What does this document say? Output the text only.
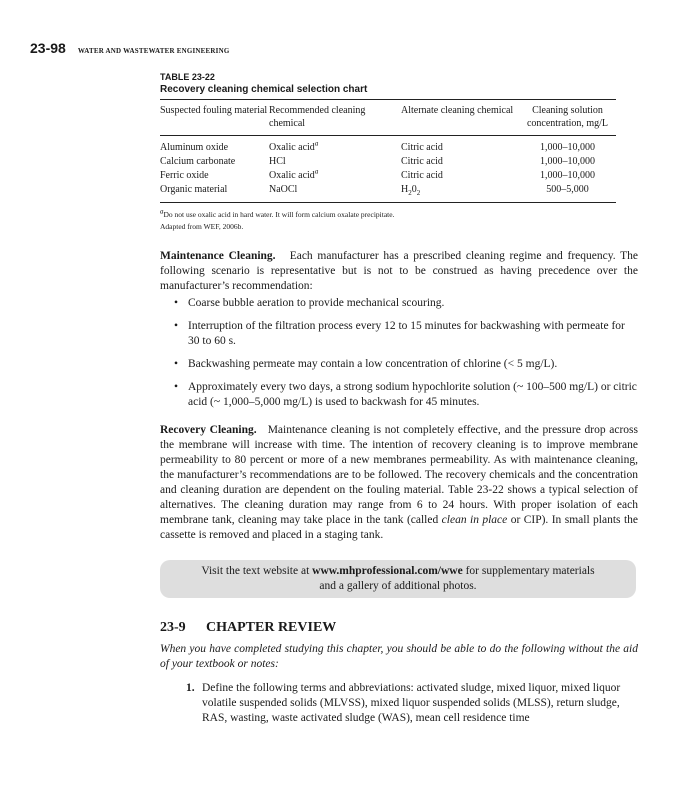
23-98 WATER AND WASTEWATER ENGINEERING
TABLE 23-22
Recovery cleaning chemical selection chart
Suspected fouling material	Recommended cleaning chemical	Alternate cleaning chemical	Cleaning solution concentration, mg/L
Aluminum oxide	Oxalic acid$^a$	Citric acid	1,000–10,000
Calcium carbonate	HCl	Citric acid	1,000–10,000
Ferric oxide	Oxalic acid$^a$	Citric acid	1,000–10,000
Organic material	NaOCl	$H_20_2$	500–5,000
$^a$Do not use oxalic acid in hard water. It will form calcium oxalate precipitate.
Adapted from WEF, 2006b.

Maintenance Cleaning. Each manufacturer has a prescribed cleaning regime and frequency. The following scenario is representative but is not to be construed as having precedence over the manufacturer’s recommendation:

• Coarse bubble aeration to provide mechanical scouring.
• Interruption of the filtration process every 12 to 15 minutes for backwashing with permeate for 30 to 60 s.
• Backwashing permeate may contain a low concentration of chlorine (< 5 mg/L).
• Approximately every two days, a strong sodium hypochlorite solution (~ 100–500 mg/L) or citric acid (~ 1,000–5,000 mg/L) is used to backwash for 45 minutes.

Recovery Cleaning. Maintenance cleaning is not completely effective, and the pressure drop across the membrane will increase with time. The intention of recovery cleaning is to improve membrane permeability to 80 percent or more of a new membranes permeability. As with maintenance cleaning, the manufacturer’s recommendations are to be followed. The recovery chemicals and the concentration and cleaning duration are dependent on the fouling material. Table 23-22 shows a typical selection of alternatives. The cleaning duration may range from 6 to 24 hours. With proper isolation of each membrane tank, cleaning may take place in the tank (called clean in place or CIP). In small plants the cassette is removed and placed in a staging tank.

Visit the text website at www.mhprofessional.com/wwe for supplementary materials
and a gallery of additional photos.
23-9 CHAPTER REVIEW
When you have completed studying this chapter, you should be able to do the following without the aid of your textbook or notes:
1. Define the following terms and abbreviations: activated sludge, mixed liquor, mixed liquor volatile suspended solids (MLVSS), mixed liquor suspended solids (MLSS), return sludge, RAS, wasting, waste activated sludge (WAS), mean cell residence time
